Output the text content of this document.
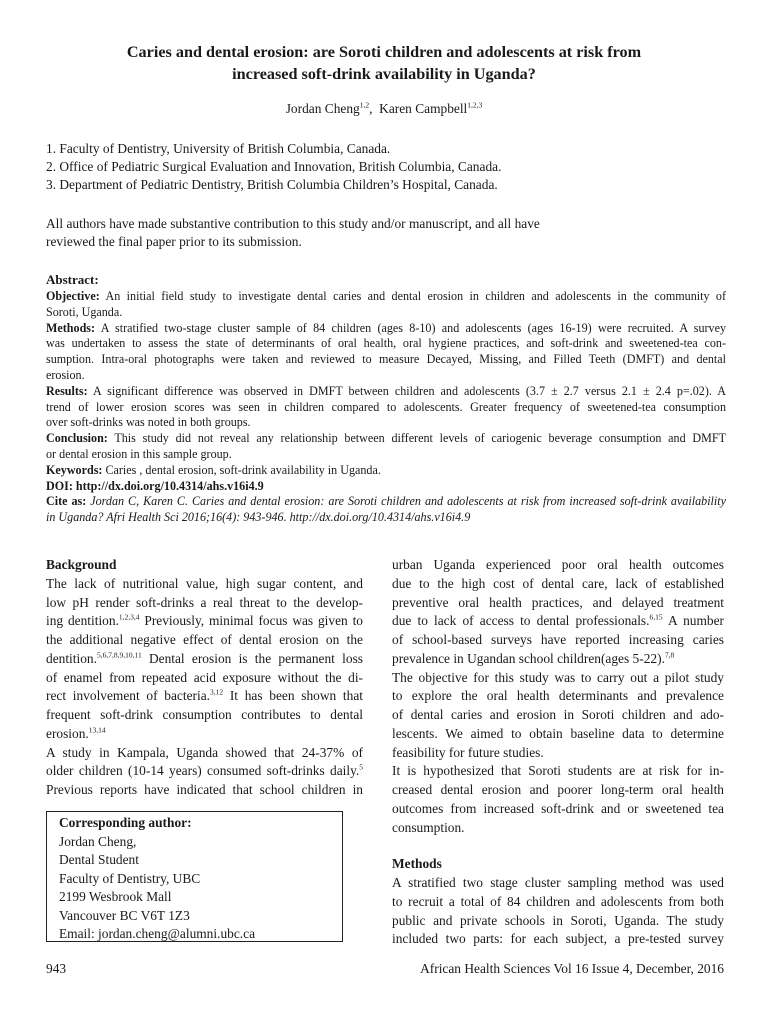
Caries and dental erosion: are Soroti children and adolescents at risk from
increased soft-drink availability in Uganda?
Jordan Cheng$^{1,2}$,  Karen Campbell$^{1,2,3}$
1. Faculty of Dentistry, University of British Columbia, Canada.
2. Office of Pediatric Surgical Evaluation and Innovation, British Columbia, Canada.
3. Department of Pediatric Dentistry, British Columbia Children’s Hospital, Canada.
All authors have made substantive contribution to this study and/or manuscript, and all have
reviewed the final paper prior to its submission.
Abstract:
Objective: An initial field study to investigate dental caries and dental erosion in children and adolescents in the community of
Soroti, Uganda.
Methods: A stratified two-stage cluster sample of 84 children (ages 8-10) and adolescents (ages 16-19) were recruited. A survey
was undertaken to assess the state of determinants of oral health, oral hygiene practices, and soft-drink and sweetened-tea con-
sumption. Intra-oral photographs were taken and reviewed to measure Decayed, Missing, and Filled Teeth (DMFT) and dental
erosion.
Results: A significant difference was observed in DMFT between children and adolescents (3.7 ± 2.7 versus 2.1 ± 2.4 p=.02). A
trend of lower erosion scores was seen in children compared to adolescents. Greater frequency of sweetened-tea consumption
over soft-drinks was noted in both groups.
Conclusion: This study did not reveal any relationship between different levels of cariogenic beverage consumption and DMFT
or dental erosion in this sample group.
Keywords: Caries , dental erosion, soft-drink availability in Uganda.
DOI: http://dx.doi.org/10.4314/ahs.v16i4.9
Cite as: Jordan C, Karen C. Caries and dental erosion: are Soroti children and adolescents at risk from increased soft-drink availability
in Uganda? Afri Health Sci 2016;16(4): 943-946. http://dx.doi.org/10.4314/ahs.v16i4.9
Background
The lack of nutritional value, high sugar content, and
low pH render soft-drinks a real threat to the develop-
ing dentition.$^{1,2,3,4}$ Previously, minimal focus was given to
the additional negative effect of dental erosion on the
dentition.$^{5,6,7,8,9,10,11}$ Dental erosion is the permanent loss
of enamel from repeated acid exposure without the di-
rect involvement of bacteria.$^{3,12}$ It has been shown that
frequent soft-drink consumption contributes to dental
erosion.$^{13,14}$
A study in Kampala, Uganda showed that 24-37% of
older children (10-14 years) consumed soft-drinks daily.$^5$
Previous reports have indicated that school children in
Corresponding author:
Jordan Cheng,
Dental Student
Faculty of Dentistry, UBC
2199 Wesbrook Mall
Vancouver BC V6T 1Z3
Email: jordan.cheng@alumni.ubc.ca
urban Uganda experienced poor oral health outcomes
due to the high cost of dental care, lack of established
preventive oral health practices, and delayed treatment
due to lack of access to dental professionals.$^{6,15}$ A number
of school-based surveys have reported increasing caries
prevalence in Ugandan school children(ages 5-22).$^{7,8}$
The objective for this study was to carry out a pilot study
to explore the oral health determinants and prevalence
of dental caries and erosion in Soroti children and ado-
lescents. We aimed to obtain baseline data to determine
feasibility for future studies.
It is hypothesized that Soroti students are at risk for in-
creased dental erosion and poorer long-term oral health
outcomes from increased soft-drink and or sweetened tea
consumption.
Methods
A stratified two stage cluster sampling method was used
to recruit a total of 84 children and adolescents from both
public and private schools in Soroti, Uganda. The study
included two parts: for each subject, a pre-tested survey
943	African Health Sciences Vol 16 Issue 4, December, 2016
